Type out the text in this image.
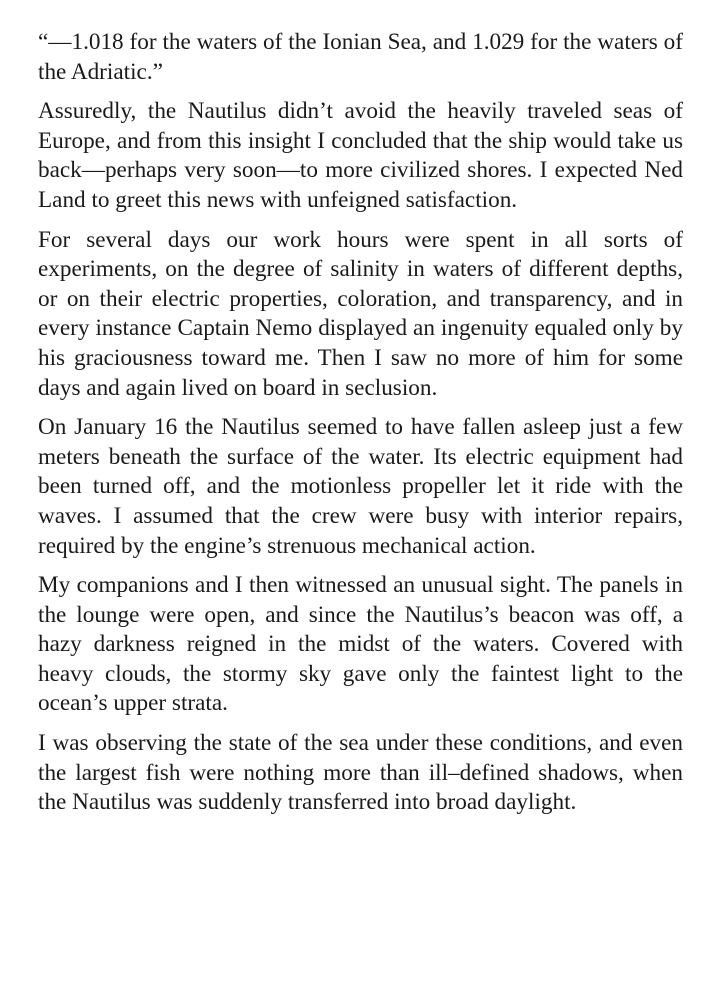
“—1.018 for the waters of the Ionian Sea, and 1.029 for the waters of the Adriatic.”

Assuredly, the Nautilus didn’t avoid the heavily traveled seas of Europe, and from this insight I concluded that the ship would take us back—perhaps very soon—to more civilized shores. I expected Ned Land to greet this news with unfeigned satisfaction.

For several days our work hours were spent in all sorts of experiments, on the degree of salinity in waters of different depths, or on their electric properties, coloration, and transparency, and in every instance Captain Nemo displayed an ingenuity equaled only by his graciousness toward me. Then I saw no more of him for some days and again lived on board in seclusion.

On January 16 the Nautilus seemed to have fallen asleep just a few meters beneath the surface of the water. Its electric equipment had been turned off, and the motionless propeller let it ride with the waves. I assumed that the crew were busy with interior repairs, required by the engine’s strenuous mechanical action.

My companions and I then witnessed an unusual sight. The panels in the lounge were open, and since the Nautilus’s beacon was off, a hazy darkness reigned in the midst of the waters. Covered with heavy clouds, the stormy sky gave only the faintest light to the ocean’s upper strata.

I was observing the state of the sea under these conditions, and even the largest fish were nothing more than ill–defined shadows, when the Nautilus was suddenly transferred into broad daylight.
